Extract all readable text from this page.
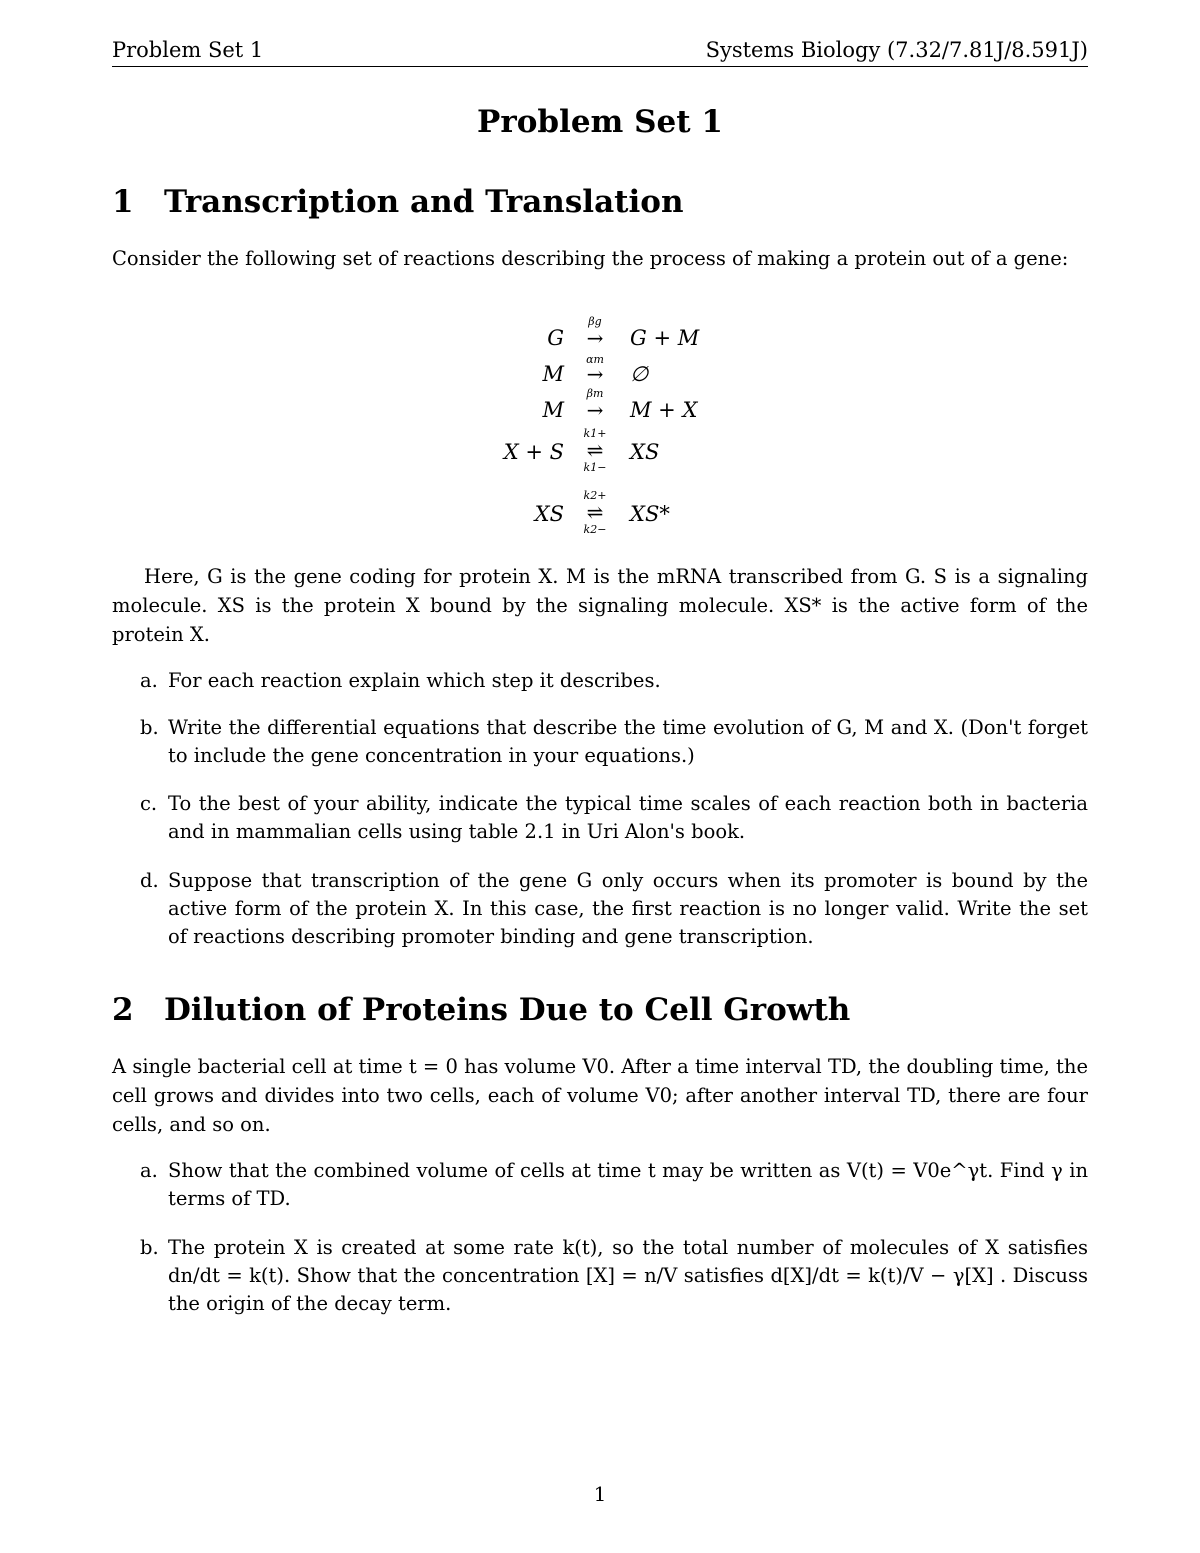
Problem Set 1	Systems Biology (7.32/7.81J/8.591J)
Problem Set 1
1 Transcription and Translation
Consider the following set of reactions describing the process of making a protein out of a gene:
G
βg
→	G + M
M
αm
→	∅
M
βm
→	M + X
X + S
k1+
⇌
k1−
XS
XS
k2+
⇌
k2−
XS*
Here, G is the gene coding for protein X. M is the mRNA transcribed from G. S is a signaling molecule. XS is the protein X bound by the signaling molecule. XS* is the active form of the protein X.
a. For each reaction explain which step it describes.
b. Write the differential equations that describe the time evolution of G, M and X. (Don't forget to include the gene concentration in your equations.)
c. To the best of your ability, indicate the typical time scales of each reaction both in bacteria and in mammalian cells using table 2.1 in Uri Alon's book.
d. Suppose that transcription of the gene G only occurs when its promoter is bound by the active form of the protein X. In this case, the first reaction is no longer valid. Write the set of reactions describing promoter binding and gene transcription.
2 Dilution of Proteins Due to Cell Growth
A single bacterial cell at time t = 0 has volume V0. After a time interval TD, the doubling time, the cell grows and divides into two cells, each of volume V0; after another interval TD, there are four cells, and so on.
a. Show that the combined volume of cells at time t may be written as V(t) = V0e^γt. Find γ in terms of TD.
b. The protein X is created at some rate k(t), so the total number of molecules of X satisfies dn/dt = k(t). Show that the concentration [X] = n/V satisfies d[X]/dt = k(t)/V − γ[X] . Discuss the origin of the decay term.
1
